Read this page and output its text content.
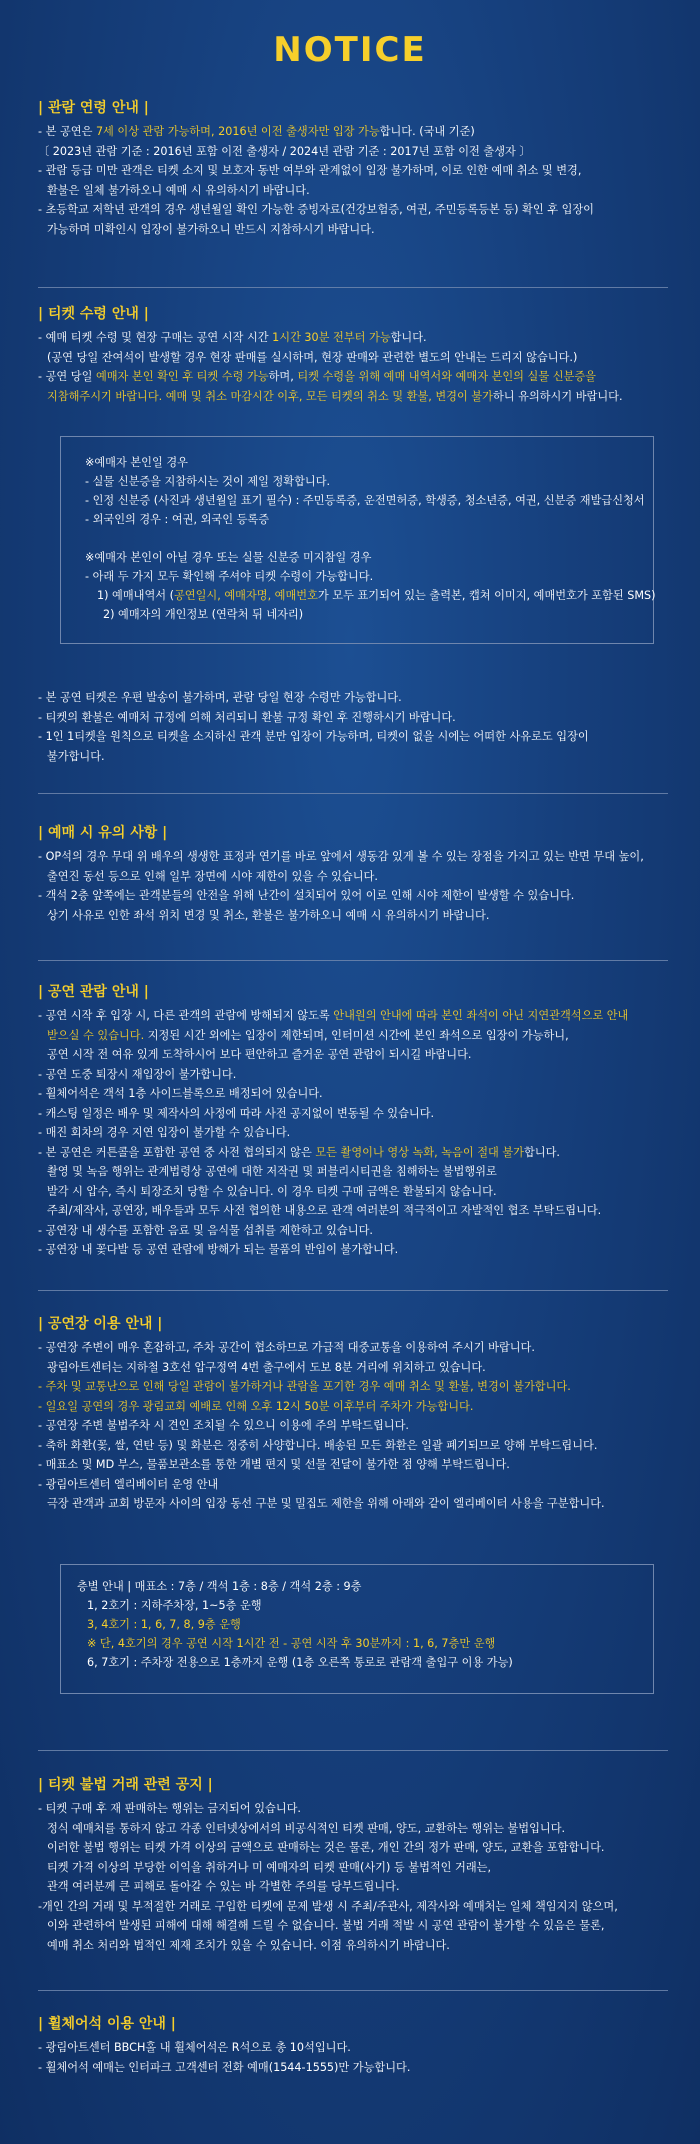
NOTICE
| 관람 연령 안내 |
- 본 공연은 7세 이상 관람 가능하며, 2016년 이전 출생자만 입장 가능합니다. (국내 기준)
〔 2023년 관람 기준 : 2016년 포함 이전 출생자 / 2024년 관람 기준 : 2017년 포함 이전 출생자 〕
- 관람 등급 미만 관객은 티켓 소지 및 보호자 동반 여부와 관계없이 입장 불가하며, 이로 인한 예매 취소 및 변경,
환불은 일체 불가하오니 예매 시 유의하시기 바랍니다.
- 초등학교 저학년 관객의 경우 생년월일 확인 가능한 증빙자료(건강보험증, 여권, 주민등록등본 등) 확인 후 입장이
가능하며 미확인시 입장이 불가하오니 반드시 지참하시기 바랍니다.
| 티켓 수령 안내 |
- 예매 티켓 수령 및 현장 구매는 공연 시작 시간 1시간 30분 전부터 가능합니다.
(공연 당일 잔여석이 발생할 경우 현장 판매를 실시하며, 현장 판매와 관련한 별도의 안내는 드리지 않습니다.)
- 공연 당일 예매자 본인 확인 후 티켓 수령 가능하며, 티켓 수령을 위해 예매 내역서와 예매자 본인의 실물 신분증을
지참해주시기 바랍니다. 예매 및 취소 마감시간 이후, 모든 티켓의 취소 및 환불, 변경이 불가하니 유의하시기 바랍니다.
※예매자 본인일 경우
- 실물 신분증을 지참하시는 것이 제일 정확합니다.
- 인정 신분증 (사진과 생년월일 표기 필수) : 주민등록증, 운전면허증, 학생증, 청소년증, 여권, 신분증 재발급신청서
- 외국인의 경우 : 여권, 외국인 등록증
※예매자 본인이 아닐 경우 또는 실물 신분증 미지참일 경우
- 아래 두 가지 모두 확인해 주셔야 티켓 수령이 가능합니다.
1) 예매내역서 (공연일시, 예매자명, 예매번호가 모두 표기되어 있는 출력본, 캡쳐 이미지, 예매번호가 포함된 SMS)
2) 예매자의 개인정보 (연락처 뒤 네자리)
- 본 공연 티켓은 우편 발송이 불가하며, 관람 당일 현장 수령만 가능합니다.
- 티켓의 환불은 예매처 규정에 의해 처리되니 환불 규정 확인 후 진행하시기 바랍니다.
- 1인 1티켓을 원칙으로 티켓을 소지하신 관객 분만 입장이 가능하며, 티켓이 없을 시에는 어떠한 사유로도 입장이
불가합니다.
| 예매 시 유의 사항 |
- OP석의 경우 무대 위 배우의 생생한 표정과 연기를 바로 앞에서 생동감 있게 볼 수 있는 장점을 가지고 있는 반면 무대 높이,
출연진 동선 등으로 인해 일부 장면에 시야 제한이 있을 수 있습니다.
- 객석 2층 앞쪽에는 관객분들의 안전을 위해 난간이 설치되어 있어 이로 인해 시야 제한이 발생할 수 있습니다.
상기 사유로 인한 좌석 위치 변경 및 취소, 환불은 불가하오니 예매 시 유의하시기 바랍니다.
| 공연 관람 안내 |
- 공연 시작 후 입장 시, 다른 관객의 관람에 방해되지 않도록 안내원의 안내에 따라 본인 좌석이 아닌 지연관객석으로 안내
받으실 수 있습니다. 지정된 시간 외에는 입장이 제한되며, 인터미션 시간에 본인 좌석으로 입장이 가능하니,
공연 시작 전 여유 있게 도착하시어 보다 편안하고 즐거운 공연 관람이 되시길 바랍니다.
- 공연 도중 퇴장시 재입장이 불가합니다.
- 휠체어석은 객석 1층 사이드블록으로 배정되어 있습니다.
- 캐스팅 일정은 배우 및 제작사의 사정에 따라 사전 공지없이 변동될 수 있습니다.
- 매진 회차의 경우 지연 입장이 불가할 수 있습니다.
- 본 공연은 커튼콜을 포함한 공연 중 사전 협의되지 않은 모든 촬영이나 영상 녹화, 녹음이 절대 불가합니다.
촬영 및 녹음 행위는 관계법령상 공연에 대한 저작권 및 퍼블리시티권을 침해하는 불법행위로
발각 시 압수, 즉시 퇴장조치 당할 수 있습니다. 이 경우 티켓 구매 금액은 환불되지 않습니다.
주최/제작사, 공연장, 배우들과 모두 사전 협의한 내용으로 관객 여러분의 적극적이고 자발적인 협조 부탁드립니다.
- 공연장 내 생수를 포함한 음료 및 음식물 섭취를 제한하고 있습니다.
- 공연장 내 꽃다발 등 공연 관람에 방해가 되는 물품의 반입이 불가합니다.
| 공연장 이용 안내 |
- 공연장 주변이 매우 혼잡하고, 주차 공간이 협소하므로 가급적 대중교통을 이용하여 주시기 바랍니다.
광림아트센터는 지하철 3호선 압구정역 4번 출구에서 도보 8분 거리에 위치하고 있습니다.
- 주차 및 교통난으로 인해 당일 관람이 불가하거나 관람을 포기한 경우 예매 취소 및 환불, 변경이 불가합니다.
- 일요일 공연의 경우 광림교회 예배로 인해 오후 12시 50분 이후부터 주차가 가능합니다.
- 공연장 주변 불법주차 시 견인 조치될 수 있으니 이용에 주의 부탁드립니다.
- 축하 화환(꽃, 쌀, 연탄 등) 및 화분은 정중히 사양합니다. 배송된 모든 화환은 일괄 폐기되므로 양해 부탁드립니다.
- 매표소 및 MD 부스, 물품보관소를 통한 개별 편지 및 선물 전달이 불가한 점 양해 부탁드립니다.
- 광림아트센터 엘리베이터 운영 안내
극장 관객과 교회 방문자 사이의 입장 동선 구분 및 밀집도 제한을 위해 아래와 같이 엘리베이터 사용을 구분합니다.
층별 안내 | 매표소 : 7층 / 객석 1층 : 8층 / 객석 2층 : 9층
1, 2호기 : 지하주차장, 1~5층 운행
3, 4호기 : 1, 6, 7, 8, 9층 운행
※ 단, 4호기의 경우 공연 시작 1시간 전 - 공연 시작 후 30분까지 : 1, 6, 7층만 운행
6, 7호기 : 주차장 전용으로 1층까지 운행 (1층 오른쪽 통로로 관람객 출입구 이용 가능)
| 티켓 불법 거래 관련 공지 |
- 티켓 구매 후 재 판매하는 행위는 금지되어 있습니다.
정식 예매처를 통하지 않고 각종 인터넷상에서의 비공식적인 티켓 판매, 양도, 교환하는 행위는 불법입니다.
이러한 불법 행위는 티켓 가격 이상의 금액으로 판매하는 것은 물론, 개인 간의 정가 판매, 양도, 교환을 포함합니다.
티켓 가격 이상의 부당한 이익을 취하거나 미 예매자의 티켓 판매(사기) 등 불법적인 거래는,
관객 여러분께 큰 피해로 돌아갈 수 있는 바 각별한 주의를 당부드립니다.
-개인 간의 거래 및 부적절한 거래로 구입한 티켓에 문제 발생 시 주최/주관사, 제작사와 예매처는 일체 책임지지 않으며,
이와 관련하여 발생된 피해에 대해 해결해 드릴 수 없습니다. 불법 거래 적발 시 공연 관람이 불가할 수 있음은 물론,
예매 취소 처리와 법적인 제재 조치가 있을 수 있습니다. 이점 유의하시기 바랍니다.
| 휠체어석 이용 안내 |
- 광림아트센터 BBCH홀 내 휠체어석은 R석으로 총 10석입니다.
- 휠체어석 예매는 인터파크 고객센터 전화 예매(1544-1555)만 가능합니다.
